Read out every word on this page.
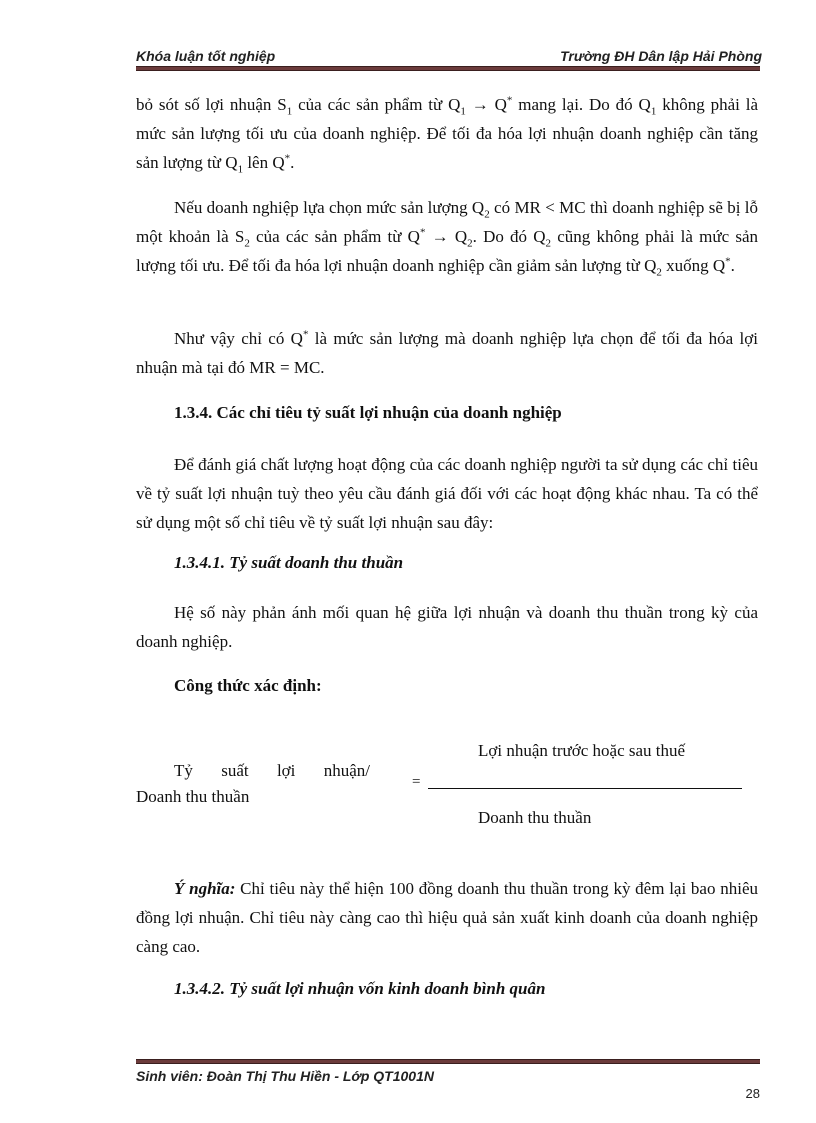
Khóa luận tốt nghiệp	Trường ĐH Dân lập Hải Phòng
bỏ sót số lợi nhuận $S_1$ của các sản phẩm từ $Q_1 \to Q^*$ mang lại. Do đó $Q_1$ không phải là mức sản lượng tối ưu của doanh nghiệp. Để tối đa hóa lợi nhuận doanh nghiệp cần tăng sản lượng từ $Q_1$ lên Q*.
Nếu doanh nghiệp lựa chọn mức sản lượng $Q_2$ có MR < MC thì doanh nghiệp sẽ bị lỗ một khoản là $S_2$ của các sản phẩm từ $Q^* \to Q_2$. Do đó $Q_2$ cũng không phải là mức sản lượng tối ưu. Để tối đa hóa lợi nhuận doanh nghiệp cần giảm sản lượng từ $Q_2$ xuống Q*.
Như vậy chỉ có Q* là mức sản lượng mà doanh nghiệp lựa chọn để tối đa hóa lợi nhuận mà tại đó MR = MC.
1.3.4. Các chỉ tiêu tỷ suất lợi nhuận của doanh nghiệp
Để đánh giá chất lượng hoạt động của các doanh nghiệp người ta sử dụng các chỉ tiêu về tỷ suất lợi nhuận tuỳ theo yêu cầu đánh giá đối với các hoạt động khác nhau. Ta có thể sử dụng một số chỉ tiêu về tỷ suất lợi nhuận sau đây:
1.3.4.1. Tỷ suất doanh thu thuần
Hệ số này phản ánh mối quan hệ giữa lợi nhuận và doanh thu thuần trong kỳ của doanh nghiệp.
Công thức xác định:
Tỷ suất lợi nhuận/
Doanh thu thuần
=
Lợi nhuận trước hoặc sau thuế
Doanh thu thuần
Ý nghĩa: Chỉ tiêu này thể hiện 100 đồng doanh thu thuần trong kỳ đêm lại bao nhiêu đồng lợi nhuận. Chỉ tiêu này càng cao thì hiệu quả sản xuất kinh doanh của doanh nghiệp càng cao.
1.3.4.2. Tỷ suất lợi nhuận vốn kinh doanh bình quân
Sinh viên: Đoàn Thị Thu Hiền - Lớp QT1001N
28
